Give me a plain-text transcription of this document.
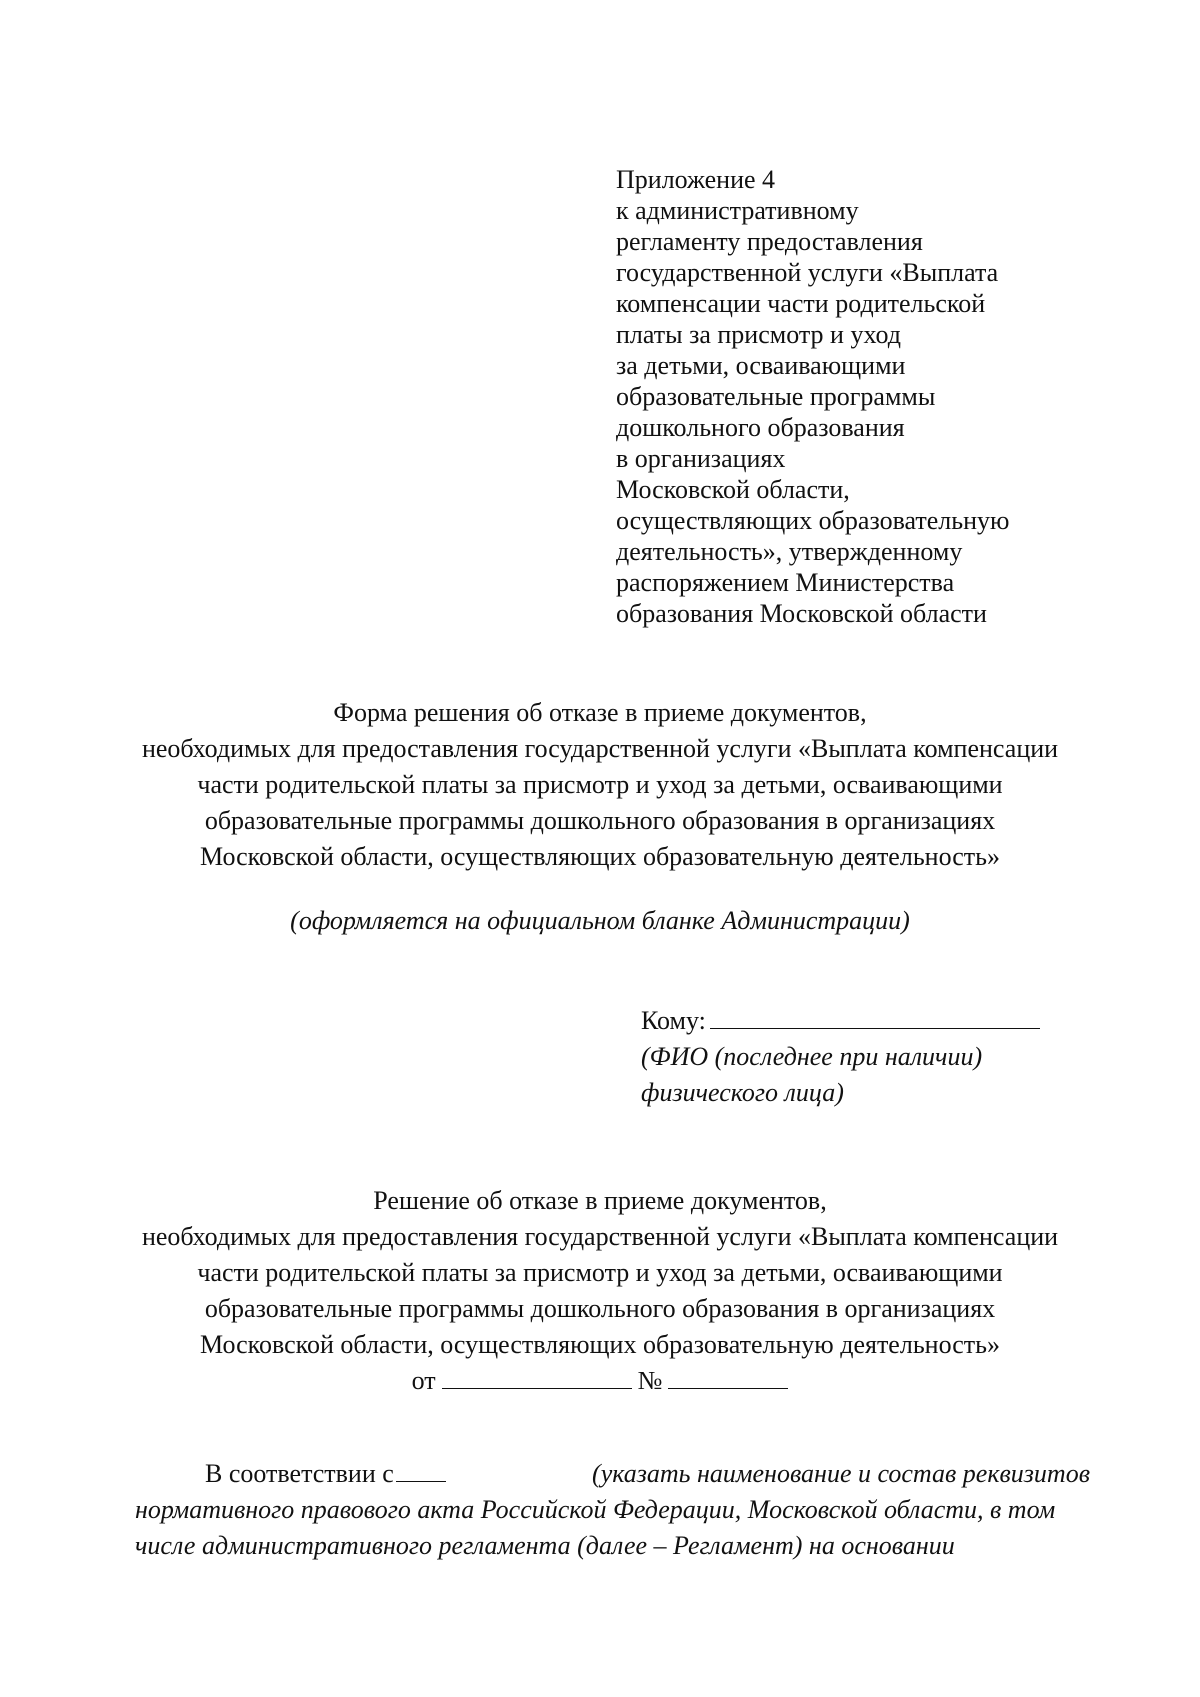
Приложение 4
к административному
регламенту предоставления
государственной услуги «Выплата
компенсации части родительской
платы за присмотр и уход
за детьми, осваивающими
образовательные программы
дошкольного образования
в организациях
Московской области,
осуществляющих образовательную
деятельность», утвержденному
распоряжением Министерства
образования Московской области
Форма решения об отказе в приеме документов,
необходимых для предоставления государственной услуги «Выплата компенсации
части родительской платы за присмотр и уход за детьми, осваивающими
образовательные программы дошкольного образования в организациях
Московской области, осуществляющих образовательную деятельность»
(оформляется на официальном бланке Администрации)
Кому:
(ФИО (последнее при наличии)
физического лица)
Решение об отказе в приеме документов,
необходимых для предоставления государственной услуги «Выплата компенсации
части родительской платы за присмотр и уход за детьми, осваивающими
образовательные программы дошкольного образования в организациях
Московской области, осуществляющих образовательную деятельность»
от	№
В соответствии с	(указать наименование и состав реквизитов
нормативного правового акта Российской Федерации, Московской области, в том
числе административного регламента (далее – Регламент) на основании
